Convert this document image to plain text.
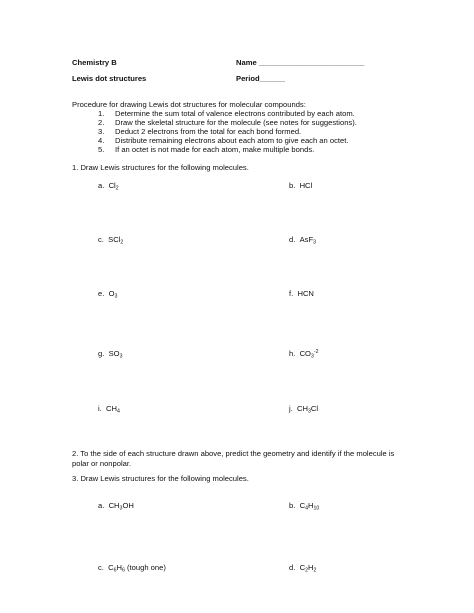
Chemistry B	Name _________________________
Lewis dot structures	Period______
Procedure for drawing Lewis dot structures for molecular compounds:
1. Determine the sum total of valence electrons contributed by each atom.
2. Draw the skeletal structure for the molecule (see notes for suggestions).
3. Deduct 2 electrons from the total for each bond formed.
4. Distribute remaining electrons about each atom to give each an octet.
5. If an octet is not made for each atom, make multiple bonds.
1. Draw Lewis structures for the following molecules.
a. $Cl_2$	b. HCl
c. SCl$_2$	d. AsF$_3$
e. $O_3$	f. HCN
g. $SO_3$	h. $CO_3^{-2}$
i. $CH_4$	j. $CH_3Cl$
2. To the side of each structure drawn above, predict the geometry and identify if the molecule is polar or nonpolar.
3. Draw Lewis structures for the following molecules.
a. $CH_3OH$	b. $C_4H_{10}$
c. $C_6H_6$ (tough one)	d. $C_2H_2$
